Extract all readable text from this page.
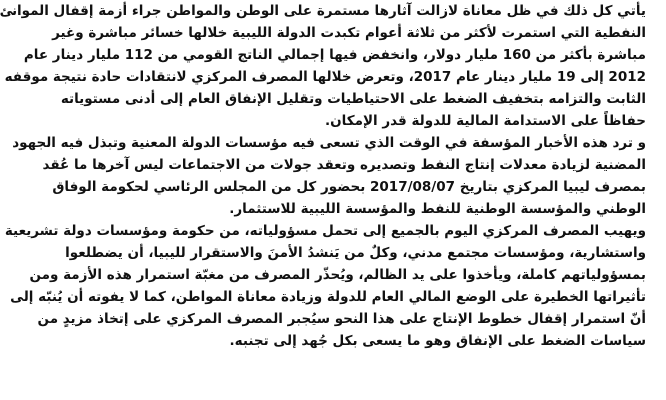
يأتي كل ذلك في ظل معاناة لازالت آثارها مستمرة على الوطن والمواطن جراء أزمة إقفال الموانئ
النفطية التي استمرت لأكثر من ثلاثة أعوام تكبدت الدولة الليبية خلالها خسائر مباشرة وغير
مباشرة بأكثر من 160 مليار دولار، وانخفض فيها إجمالي الناتج القومي من 112 مليار دينار عام
2012 إلى 19 مليار دينار عام 2017، وتعرض خلالها المصرف المركزي لانتقادات حادة نتيجة موقفه
الثابت والتزامه بتخفيف الضغط على الاحتياطيات وتقليل الإنفاق العام إلى أدنى مستوياته
حفاظاً على الاستدامة المالية للدولة قدر الإمكان.

و ترد هذه الأخبار المؤسفة في الوقت الذي تسعى فيه مؤسسات الدولة المعنية وتبذل فيه الجهود
المضنية لزيادة معدلات إنتاج النفط وتصديره وتعقد جولات من الاجتماعات ليس آخرها ما عُقد
بمصرف ليبيا المركزي بتاريخ 2017/08/07 بحضور كل من المجلس الرئاسي لحكومة الوفاق
الوطني والمؤسسة الوطنية للنفط والمؤسسة الليبية للاستثمار.

ويهيب المصرف المركزي اليوم بالجميع إلى تحمل مسؤولياته، من حكومة ومؤسسات دولة تشريعية
واستشارية، ومؤسسات مجتمع مدني، وكلٌ من يَنشدُ الأمنَ والاستقرار لليبيا، أن يضطلعوا
بمسؤولياتهم كاملة، ويأخذوا على يد الظالم، ويُحذّر المصرف من مغبّة استمرار هذه الأزمة ومن
تأثيراتها الخطيرة على الوضع المالي العام للدولة وزيادة معاناة المواطن، كما لا يفوته أن يُنبّه إلى
أنّ استمرار إقفال خطوط الإنتاج على هذا النحو سيُجبر المصرف المركزي على إتخاذ مزيدٍ من
سياسات الضغط على الإنفاق وهو ما يسعى بكل جُهد إلى تجنبه.
